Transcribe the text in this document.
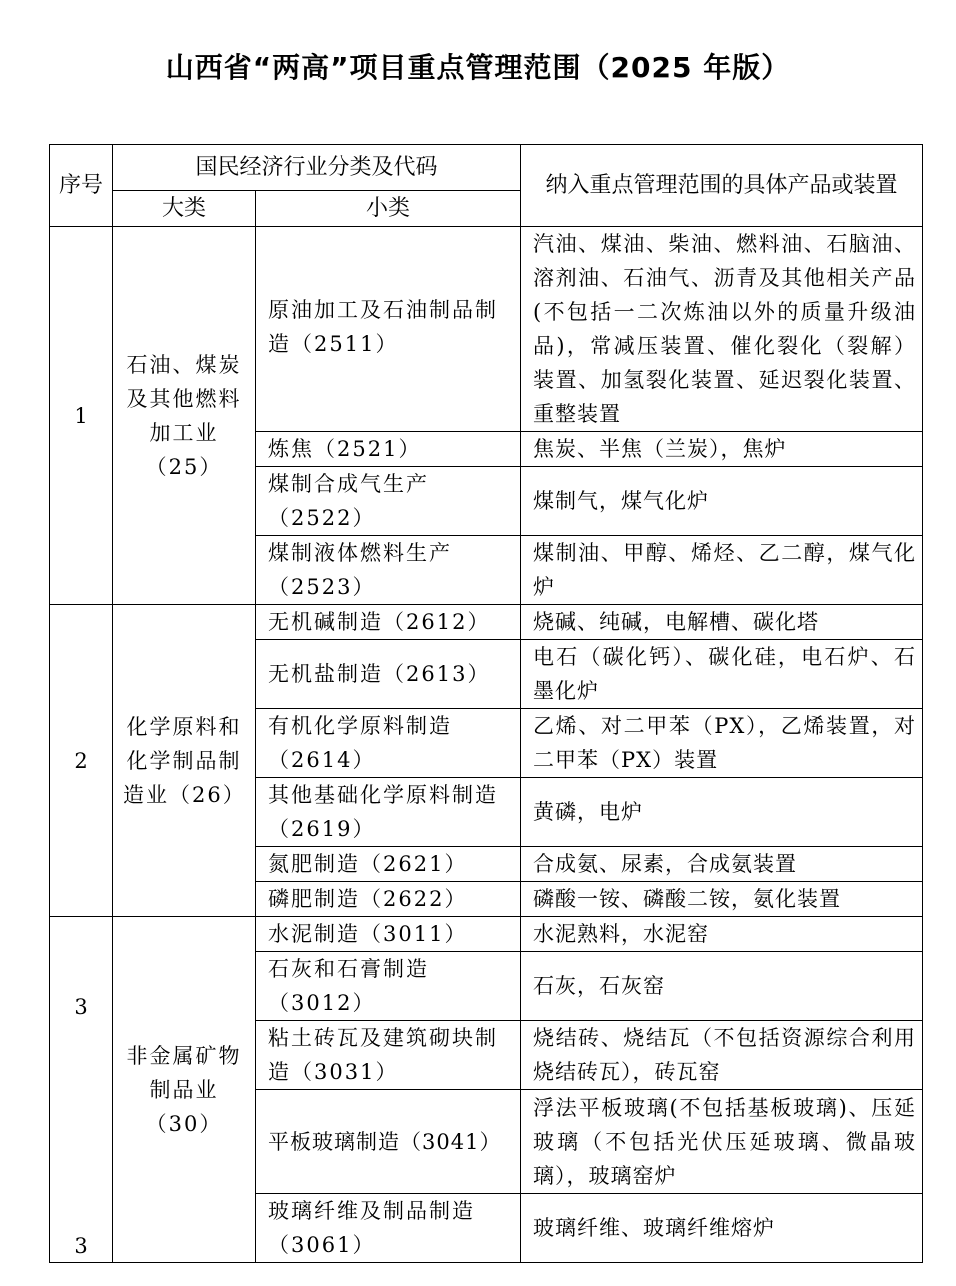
山西省“两高”项目重点管理范围（2025 年版）
序号	国民经济行业分类及代码		纳入重点管理范围的具体产品或装置
	大类	小类	
1	石油、煤炭及其他燃料加工业（25）	原油加工及石油制品制造（2511）	汽油、煤油、柴油、燃料油、石脑油、溶剂油、石油气、沥青及其他相关产品(不包括一二次炼油以外的质量升级油品)，常减压装置、催化裂化（裂解）装置、加氢裂化装置、延迟裂化装置、重整装置
		炼焦（2521）	焦炭、半焦（兰炭），焦炉
		煤制合成气生产（2522）	煤制气，煤气化炉
		煤制液体燃料生产（2523）	煤制油、甲醇、烯烃、乙二醇，煤气化炉
2	化学原料和化学制品制造业（26）	无机碱制造（2612）	烧碱、纯碱，电解槽、碳化塔
		无机盐制造（2613）	电石（碳化钙）、碳化硅，电石炉、石墨化炉
		有机化学原料制造（2614）	乙烯、对二甲苯（PX），乙烯装置，对二甲苯（PX）装置
		其他基础化学原料制造（2619）	黄磷，电炉
		氮肥制造（2621）	合成氨、尿素，合成氨装置
		磷肥制造（2622）	磷酸一铵、磷酸二铵，氨化装置

3
3	非金属矿物制品业（30）	水泥制造（3011）	水泥熟料，水泥窑
		石灰和石膏制造（3012）	石灰，石灰窑
		粘土砖瓦及建筑砌块制造（3031）	烧结砖、烧结瓦（不包括资源综合利用烧结砖瓦），砖瓦窑
		平板玻璃制造（3041）	浮法平板玻璃(不包括基板玻璃)、压延玻璃（不包括光伏压延玻璃、微晶玻璃），玻璃窑炉
		玻璃纤维及制品制造（3061）	玻璃纤维、玻璃纤维熔炉
